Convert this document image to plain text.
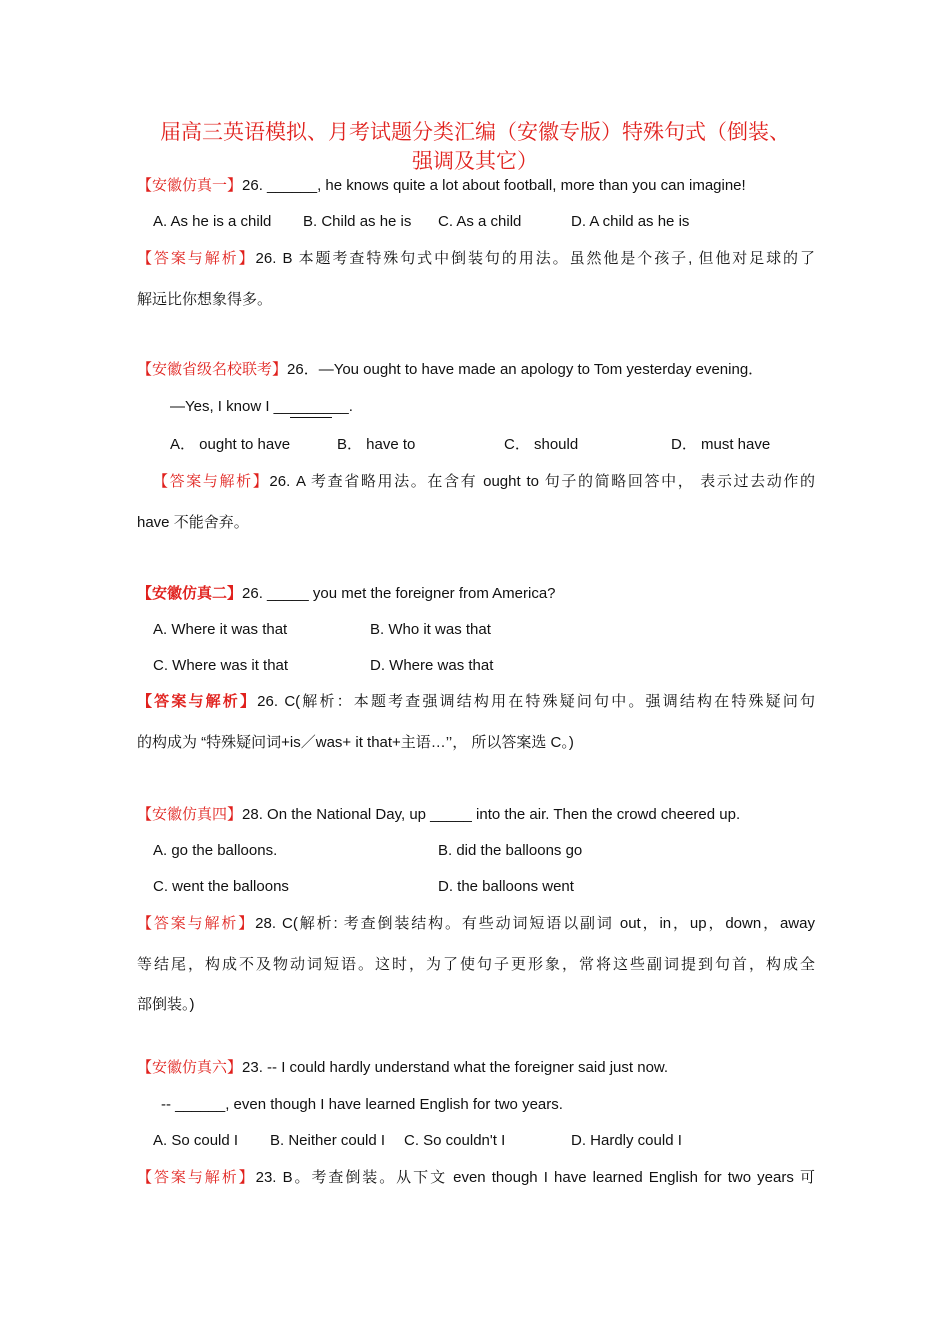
届高三英语模拟、月考试题分类汇编（安徽专版）特殊句式（倒装、
强调及其它）
【安徽仿真一】26. ______, he knows quite a lot about football, more than you can imagine!
A. As he is a child B. Child as he is C. As a child	D. A child as he is
【答案与解析】26. B 本题考查特殊句式中倒装句的用法。虽然他是个孩子, 但他对足球的了
解远比你想象得多。
【安徽省级名校联考】26．—You ought to have made an apology to Tom yesterday evening．
—Yes, I know I _________.
A． ought to have	B． have to	C． should	D． must have
【答案与解析】26. A 考查省略用法。在含有 ought to 句子的简略回答中， 表示过去动作的
have 不能舍弃。
【安徽仿真二】26. _____ you met the foreigner from America?
A. Where it was that	B. Who it was that
C. Where was it that	D. Where was that
【答案与解析】26. C(解析：本题考查强调结构用在特殊疑问句中。强调结构在特殊疑问句
的构成为 “特殊疑问词+is／was+ it that+主语…’’， 所以答案选 C。)
【安徽仿真四】28. On the National Day, up _____ into the air. Then the crowd cheered up.
A. go the balloons.	B. did the balloons go
C. went the balloons	D. the balloons went
【答案与解析】28. C(解析: 考查倒装结构。有些动词短语以副词 out，in，up，down，away
等结尾，构成不及物动词短语。这时，为了使句子更形象，常将这些副词提到句首，构成全
部倒装。)
【安徽仿真六】23. -- I could hardly understand what the foreigner said just now.
-- ______, even though I have learned English for two years.
A. So could I B. Neither could I C. So couldn't I	D. Hardly could I
【答案与解析】23. B。考查倒装。从下文 even though I have learned English for two years 可
